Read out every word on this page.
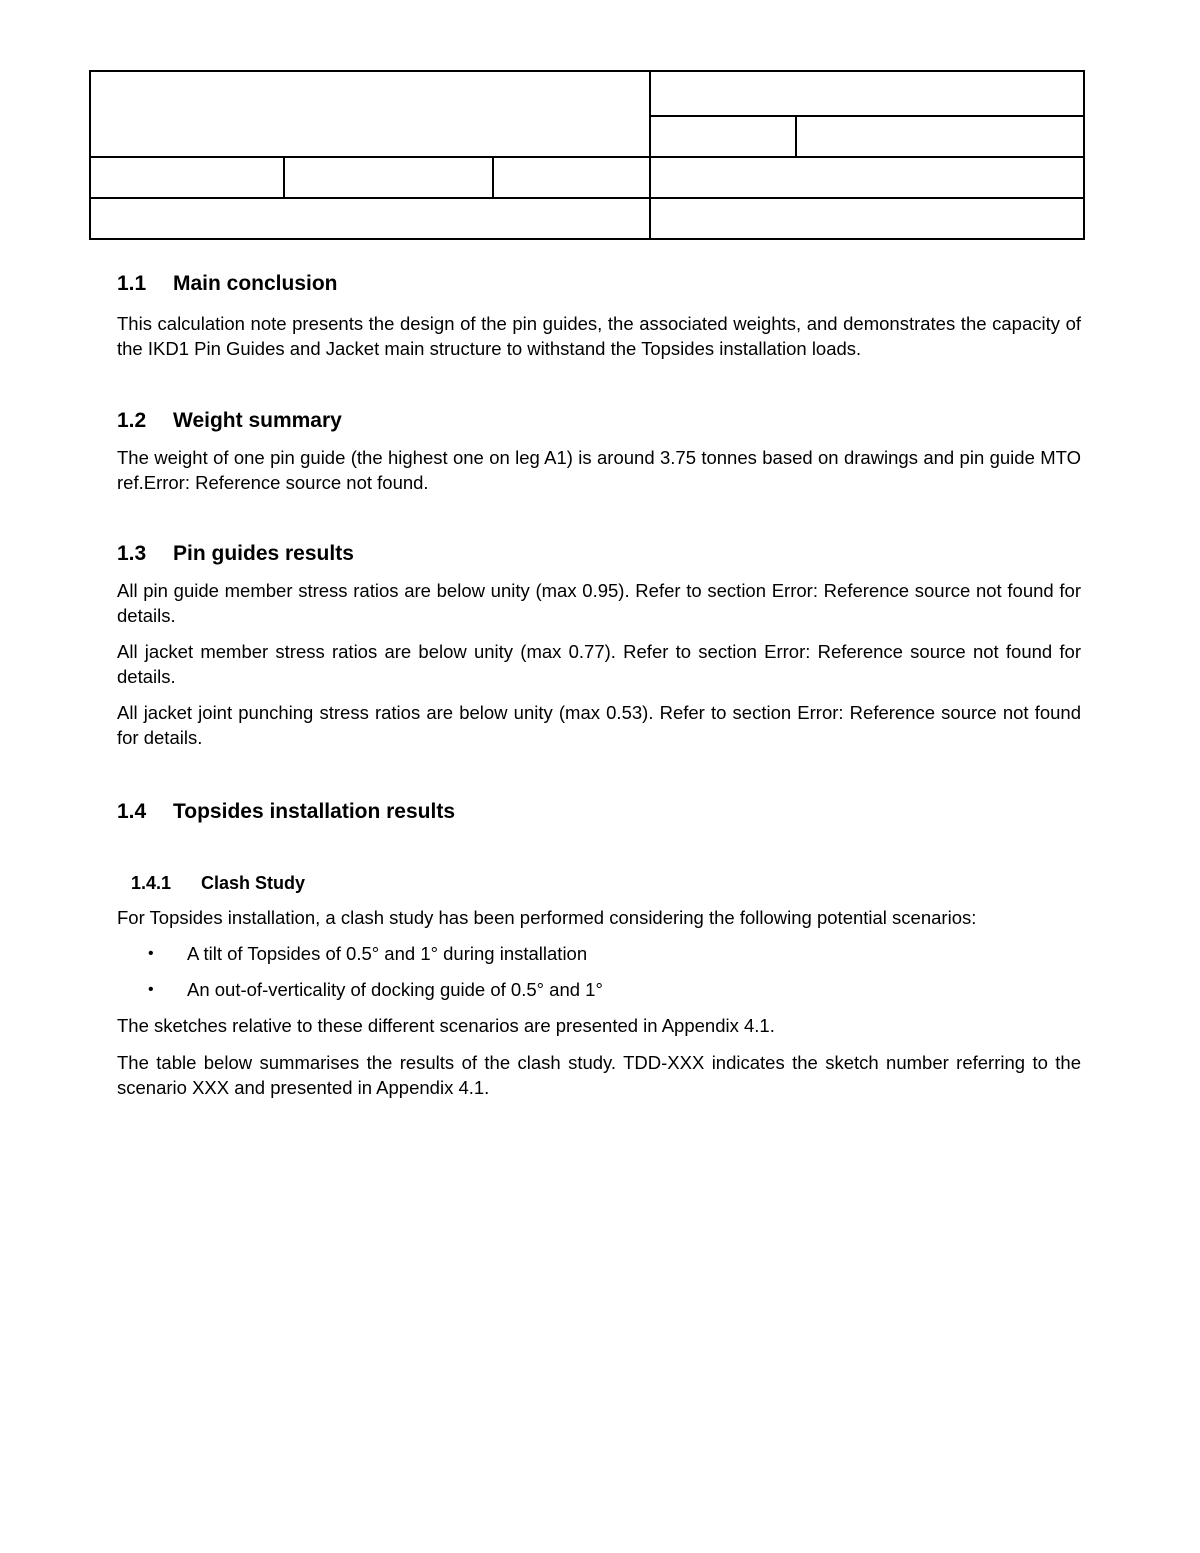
1.1	Main conclusion

This calculation note presents the design of the pin guides, the associated weights, and demonstrates the capacity of the IKD1 Pin Guides and Jacket main structure to withstand the Topsides installation loads.

1.2	Weight summary

The weight of one pin guide (the highest one on leg A1) is around 3.75 tonnes based on drawings and pin guide MTO ref.Error: Reference source not found.

1.3	Pin guides results

All pin guide member stress ratios are below unity (max 0.95). Refer to section Error: Reference source not found for details.

All jacket member stress ratios are below unity (max 0.77). Refer to section Error: Reference source not found for details.

All jacket joint punching stress ratios are below unity (max 0.53). Refer to section Error: Reference source not found for details.

1.4	Topsides installation results
1.4.1	Clash Study

For Topsides installation, a clash study has been performed considering the following potential scenarios:

•	A tilt of Topsides of 0.5° and 1° during installation
•	An out-of-verticality of docking guide of 0.5° and 1°

The sketches relative to these different scenarios are presented in Appendix 4.1.

The table below summarises the results of the clash study. TDD-XXX indicates the sketch number referring to the scenario XXX and presented in Appendix 4.1.
